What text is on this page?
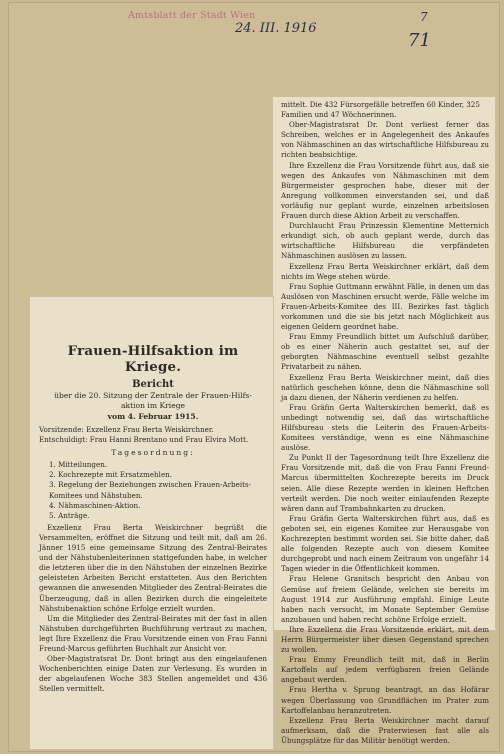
Amtsblatt der Stadt Wien
24. III. 1916
7
71

mittelt. Die 432 Fürsorgefälle betreffen 60 Kinder, 325 Familien und 47 Wöchnerinnen.

Ober-Magistratsrat Dr. Dont verliest ferner das Schreiben, welches er in Angelegenheit des Ankaufes von Nähmaschinen an das wirtschaftliche Hilfsbureau zu richten beabsichtige.

Ihre Exzellenz die Frau Vorsitzende führt aus, daß sie wegen des Ankaufes von Nähmaschinen mit dem Bürgermeister gesprochen habe, dieser mit der Anregung vollkommen einverstanden sei, und daß vorläufig nur geplant wurde, einzelnen arbeitslosen Frauen durch diese Aktion Arbeit zu verschaffen.

Durchlaucht Frau Prinzessin Klementine Metternich erkundigt sich, ob auch geplant werde, durch das wirtschaftliche Hilfsbureau die verpfändeten Nähmaschinen auslösen zu lassen.

Exzellenz Frau Berta Weiskirchner erklärt, daß dem nichts im Wege stehen würde.

Frau Sophie Guttmann erwähnt Fälle, in denen um das Auslösen von Maschinen ersucht werde, Fälle welche im Frauen-Arbeits-Komitee des III. Bezirkes fast täglich vorkommen und die sie bis jetzt nach Möglichkeit aus eigenen Geldern geordnet habe.

Frau Emmy Freundlich bittet um Aufschluß darüber, ob es einer Näherin auch gestattet sei, auf der geborgten Nähmaschine eventuell selbst gezahlte Privatarbeit zu nähen.

Exzellenz Frau Berta Weiskirchner meint, daß dies natürlich geschehen könne, denn die Nähmaschine soll ja dazu dienen, der Näherin verdienen zu helfen.

Frau Gräfin Gerta Walterskirchen bemerkt, daß es unbedingt notwendig sei, daß das wirtschaftliche Hilfsbureau stets die Leiterin des Frauen-Arbeits-Komitees verständige, wenn es eine Nähmaschine auslöse.

Zu Punkt II der Tagesordnung teilt Ihre Exzellenz die Frau Vorsitzende mit, daß die von Frau Fanni Freund-Marcus übermittelten Kochrezepte bereits im Druck seien. Alle diese Rezepte werden in kleinen Heftchen verteilt werden. Die noch weiter einlaufenden Rezepte wären dann auf Trambahnkarten zu drucken.

Frau Gräfin Gerta Walterskirchen führt aus, daß es geboten sei, ein eigenes Komitee zur Herausgabe von Kochrezepten bestimmt worden sei. Sie bitte daher, daß alle folgenden Rezepte auch von diesem Komitee durchgeprobt und nach einem Zeitraum von ungefähr 14 Tagen wieder in die Öffentlichkeit kommen.

Frau Helene Granitsch bespricht den Anbau von Gemüse auf freiem Gelände, welchen sie bereits im August 1914 zur Ausführung empfahl. Einige Leute haben nach versucht, im Monate September Gemüse anzubauen und haben recht schöne Erfolge erzielt.

Ihre Exzellenz die Frau Vorsitzende erklärt, mit dem Herrn Bürgermeister über diesen Gegenstand sprechen zu wollen.

Frau Emmy Freundlich teilt mit, daß in Berlin Kartoffeln auf jedem verfügbaren freien Gelände angebaut werden.

Frau Hertha v. Sprung beantragt, an das Hofärar wegen Überlassung von Grundflächen im Prater zum Kartoffelanbau heranzutreten.

Exzellenz Frau Berta Weiskirchner macht darauf aufmerksam, daß die Praterwiesen fast alle als Übungsplätze für das Militär benötigt werden.

Frauen-Hilfsaktion im Kriege.
Bericht
über die 20. Sitzung der Zentrale der Frauen-Hilfs-
aktion im Kriege
vom 4. Februar 1915.

Vorsitzende: Exzellenz Frau Berta Weiskirchner.

Entschuldigt: Frau Hanni Brentano und Frau Elvira Mott.

Tagesordnung:
1. Mitteilungen.
2. Kochrezepte mit Ersatzmehlen.
3. Regelung der Beziehungen zwischen Frauen-Arbeits-Komitees und Nähstuben.
4. Nähmaschinen-Aktion.
5. Anträge.

Exzellenz Frau Berta Weiskirchner begrüßt die Versammelten, eröffnet die Sitzung und teilt mit, daß am 26. Jänner 1915 eine gemeinsame Sitzung des Zentral-Beirates und der Nähstubenleiterinnen stattgefunden habe, in welcher die letzteren über die in den Nähstuben der einzelnen Bezirke geleisteten Arbeiten Bericht erstatteten. Aus den Berichten gewannen die anwesenden Mitglieder des Zentral-Beirates die Überzeugung, daß in allen Bezirken durch die eingeleitete Nähstubenaktion schöne Erfolge erzielt wurden.

Um die Mitglieder des Zentral-Beirates mit der fast in allen Nähstuben durchgeführten Buchführung vertraut zu machen, legt Ihre Exzellenz die Frau Vorsitzende einen von Frau Fanni Freund-Marcus geführten Buchhalt zur Ansicht vor.

Ober-Magistratsrat Dr. Dont bringt aus den eingelaufenen Wochenberichten einige Daten zur Verlesung. Es wurden in der abgelaufenen Woche 383 Stellen angemeldet und 436 Stellen vermittelt.
